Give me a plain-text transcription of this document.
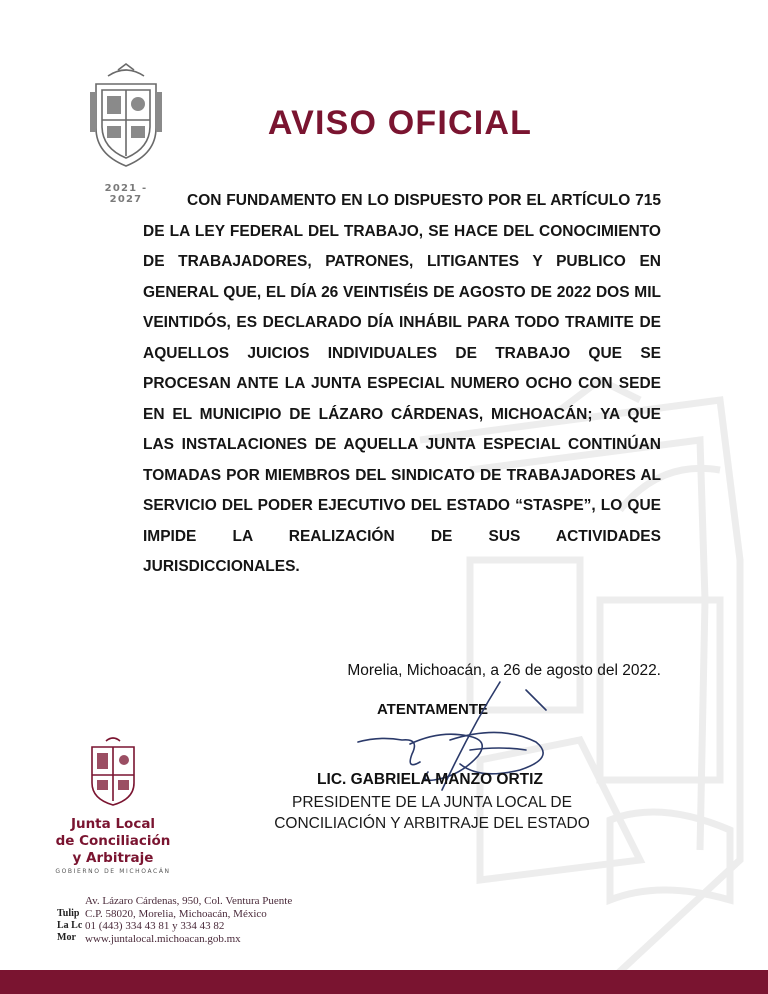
2021 - 2027
AVISO OFICIAL

CON FUNDAMENTO EN LO DISPUESTO POR EL ARTÍCULO 715 DE LA LEY FEDERAL DEL TRABAJO, SE HACE DEL CONOCIMIENTO DE TRABAJADORES, PATRONES, LITIGANTES Y PUBLICO EN GENERAL QUE, EL DÍA 26 VEINTISÉIS DE AGOSTO DE 2022 DOS MIL VEINTIDÓS, ES DECLARADO DÍA INHÁBIL PARA TODO TRAMITE DE AQUELLOS JUICIOS INDIVIDUALES DE TRABAJO QUE SE PROCESAN ANTE LA JUNTA ESPECIAL NUMERO OCHO CON SEDE EN EL MUNICIPIO DE LÁZARO CÁRDENAS, MICHOACÁN; YA QUE LAS INSTALACIONES DE AQUELLA JUNTA ESPECIAL CONTINÚAN TOMADAS POR MIEMBROS DEL SINDICATO DE TRABAJADORES AL SERVICIO DEL PODER EJECUTIVO DEL ESTADO “STASPE”, LO QUE IMPIDE LA REALIZACIÓN DE SUS ACTIVIDADES JURISDICCIONALES.

Morelia, Michoacán, a 26 de agosto del 2022.
ATENTAMENTE
LIC. GABRIELA MANZO ORTIZ
PRESIDENTE DE LA JUNTA LOCAL DE
CONCILIACIÓN Y ARBITRAJE DEL ESTADO
Junta Local
de Conciliación
y Arbitraje
GOBIERNO DE MICHOACÁN
Tulip
La Lc
Mor
Av. Lázaro Cárdenas, 950, Col. Ventura Puente
C.P. 58020, Morelia, Michoacán, México
01 (443) 334 43 81 y 334 43 82
www.juntalocal.michoacan.gob.mx
